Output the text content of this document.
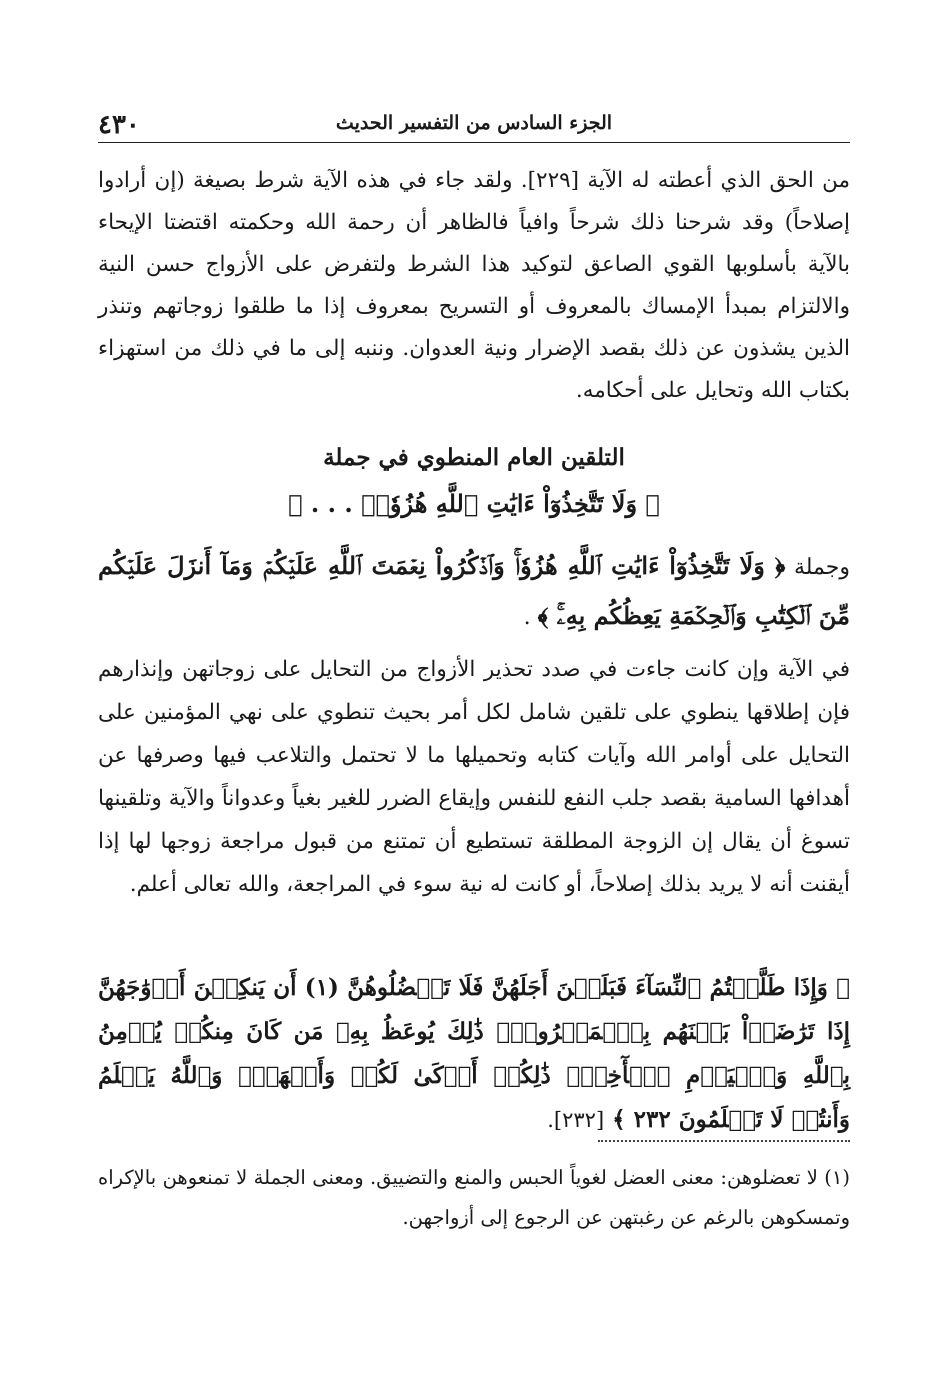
٤٣٠	الجزء السادس من التفسير الحديث
من الحق الذي أعطته له الآية [٢٢٩]. ولقد جاء في هذه الآية شرط بصيغة (إن أرادوا إصلاحاً) وقد شرحنا ذلك شرحاً وافياً فالظاهر أن رحمة الله وحكمته اقتضتا الإيحاء بالآية بأسلوبها القوي الصاعق لتوكيد هذا الشرط ولتفرض على الأزواج حسن النية والالتزام بمبدأ الإمساك بالمعروف أو التسريح بمعروف إذا ما طلقوا زوجاتهم وتنذر الذين يشذون عن ذلك بقصد الإضرار ونية العدوان. وننبه إلى ما في ذلك من استهزاء بكتاب الله وتحايل على أحكامه.
التلقين العام المنطوي في جملة
﴿ وَلَا تَتَّخِذُوٓاْ ءَايَٰتِ ٱللَّهِ هُزُوٗاۚ . . . ﴾
وجملة ﴿ وَلَا تَتَّخِذُوٓاْ ءَايَٰتِ ٱللَّهِ هُزُوٗاۚ وَٱذۡكُرُواْ نِعۡمَتَ ٱللَّهِ عَلَيۡكُمۡ وَمَآ أَنزَلَ عَلَيۡكُم مِّنَ ٱلۡكِتَٰبِ وَٱلۡحِكۡمَةِ يَعِظُكُم بِهِۦۚ ﴾ .
في الآية وإن كانت جاءت في صدد تحذير الأزواج من التحايل على زوجاتهن وإنذارهم فإن إطلاقها ينطوي على تلقين شامل لكل أمر بحيث تنطوي على نهي المؤمنين على التحايل على أوامر الله وآيات كتابه وتحميلها ما لا تحتمل والتلاعب فيها وصرفها عن أهدافها السامية بقصد جلب النفع للنفس وإيقاع الضرر للغير بغياً وعدواناً والآية وتلقينها تسوغ أن يقال إن الزوجة المطلقة تستطيع أن تمتنع من قبول مراجعة زوجها لها إذا أيقنت أنه لا يريد بذلك إصلاحاً، أو كانت له نية سوء في المراجعة، والله تعالى أعلم.
﴿ وَإِذَا طَلَّقۡتُمُ ٱلنِّسَآءَ فَبَلَغۡنَ أَجَلَهُنَّ فَلَا تَعۡضُلُوهُنَّ (١) أَن يَنكِحۡنَ أَزۡوَٰجَهُنَّ إِذَا تَرَٰضَوۡاْ بَيۡنَهُم بِٱلۡمَعۡرُوفِۗ ذَٰلِكَ يُوعَظُ بِهِۦ مَن كَانَ مِنكُمۡ يُؤۡمِنُ بِٱللَّهِ وَٱلۡيَوۡمِ ٱلۡأٓخِرِۗ ذَٰلِكُمۡ أَزۡكَىٰ لَكُمۡ وَأَطۡهَرُۚ وَٱللَّهُ يَعۡلَمُ وَأَنتُمۡ لَا تَعۡلَمُونَ ٢٣٢ ﴾ [٢٣٢].
(١) لا تعضلوهن: معنى العضل لغوياً الحبس والمنع والتضييق. ومعنى الجملة لا تمنعوهن بالإكراه وتمسكوهن بالرغم عن رغبتهن عن الرجوع إلى أزواجهن.
